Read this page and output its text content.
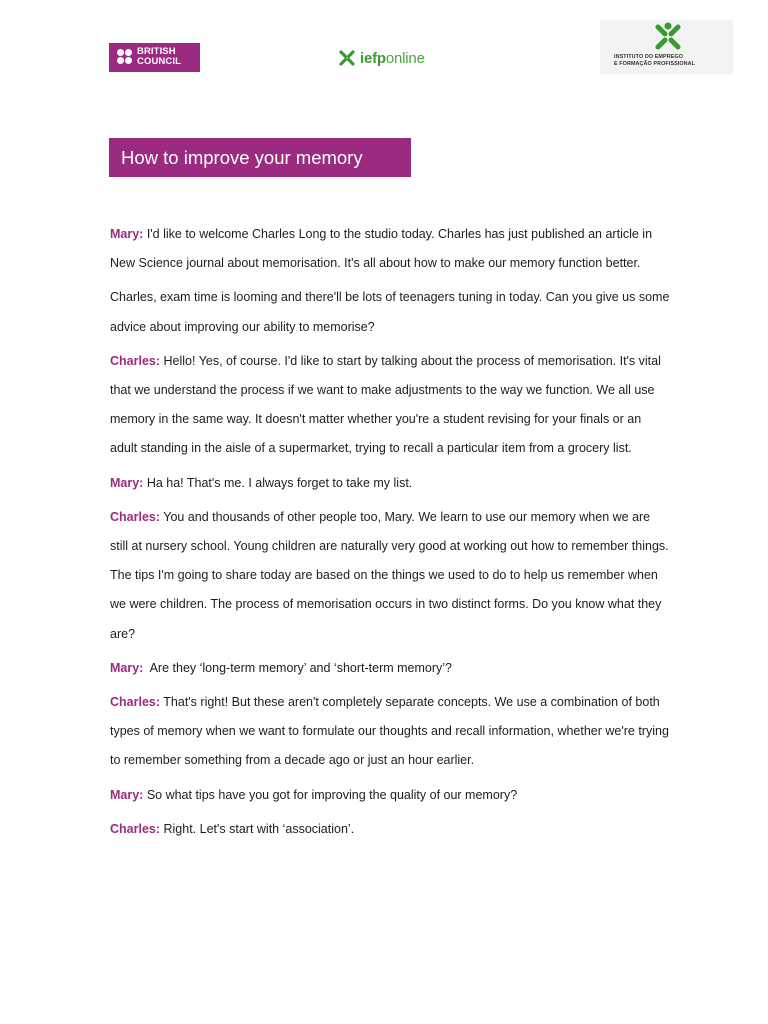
BRITISH
COUNCIL	iefponline	INSTITUTO DO EMPREGO
E FORMAÇÃO PROFISSIONAL
How to improve your memory

Mary: I'd like to welcome Charles Long to the studio today. Charles has just published an article in New Science journal about memorisation. It's all about how to make our memory function better.

Charles, exam time is looming and there'll be lots of teenagers tuning in today. Can you give us some advice about improving our ability to memorise?

Charles: Hello! Yes, of course. I'd like to start by talking about the process of memorisation. It's vital that we understand the process if we want to make adjustments to the way we function. We all use memory in the same way. It doesn't matter whether you're a student revising for your finals or an adult standing in the aisle of a supermarket, trying to recall a particular item from a grocery list.

Mary: Ha ha! That's me. I always forget to take my list.

Charles: You and thousands of other people too, Mary. We learn to use our memory when we are still at nursery school. Young children are naturally very good at working out how to remember things. The tips I'm going to share today are based on the things we used to do to help us remember when we were children. The process of memorisation occurs in two distinct forms. Do you know what they are?

Mary:  Are they ‘long-term memory’ and ‘short-term memory’?

Charles: That's right! But these aren't completely separate concepts. We use a combination of both types of memory when we want to formulate our thoughts and recall information, whether we're trying to remember something from a decade ago or just an hour earlier.

Mary: So what tips have you got for improving the quality of our memory?

Charles: Right. Let's start with ‘association’.
